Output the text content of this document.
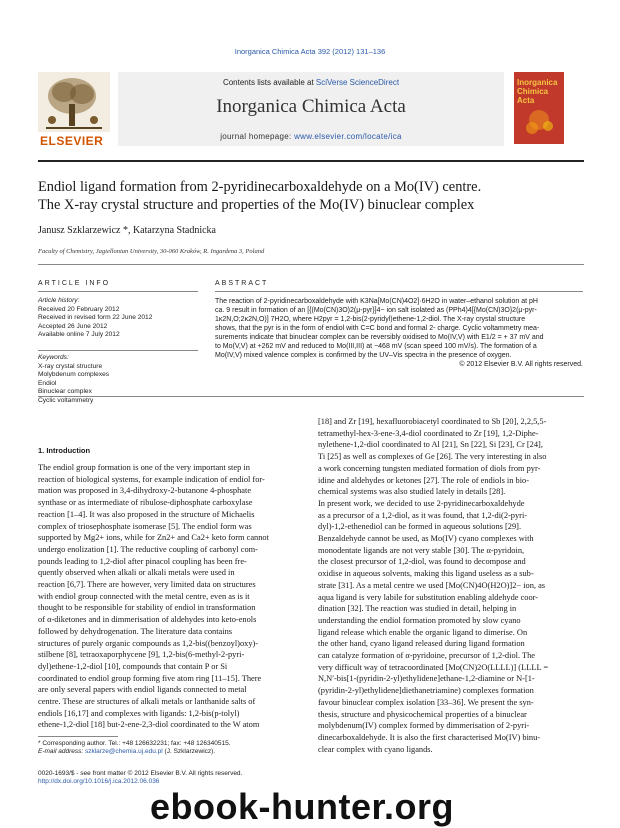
Inorganica Chimica Acta 392 (2012) 131–136
ELSEVIER
Contents lists available at SciVerse ScienceDirect
Inorganica Chimica Acta
journal homepage: www.elsevier.com/locate/ica
Inorganica Chimica Acta
Endiol ligand formation from 2-pyridinecarboxaldehyde on a Mo(IV) centre.
The X-ray crystal structure and properties of the Mo(IV) binuclear complex
Janusz Szklarzewicz *, Katarzyna Stadnicka
Faculty of Chemistry, Jagiellonian University, 30-060 Kraków, R. Ingardena 3, Poland
ARTICLE INFO
Article history:
Received 20 February 2012
Received in revised form 22 June 2012
Accepted 26 June 2012
Available online 7 July 2012
Keywords:
X-ray crystal structure
Molybdenum complexes
Endiol
Binuclear complex
Cyclic voltammetry
ABSTRACT
The reaction of 2-pyridinecarboxaldehyde with K3Na[Mo(CN)4O2]·6H2O in water–ethanol solution at pH
ca. 9 result in formation of an [{(Mo(CN)3O)2(μ-pyr}]4− ion salt isolated as (PPh4)4[{Mo(CN)3O}2(μ-pyr-
1κ2N,O;2κ2N,O)] 7H2O, where H2pyr = 1,2-bis(2-pyridyl)ethene-1,2-diol. The X-ray crystal structure
shows, that the pyr is in the form of endiol with C=C bond and formal 2- charge. Cyclic voltammetry mea-
surements indicate that binuclear complex can be reversibly oxidised to Mo(IV,V) with E1/2 = + 37 mV and
to Mo(V,V) at +262 mV and reduced to Mo(III,III) at −468 mV (scan speed 100 mV/s). The formation of a
Mo(IV,V) mixed valence complex is confirmed by the UV–Vis spectra in the presence of oxygen.
© 2012 Elsevier B.V. All rights reserved.
1. Introduction
The endiol group formation is one of the very important step in
reaction of biological systems, for example indication of endiol for-
mation was proposed in 3,4-dihydroxy-2-butanone 4-phosphate
synthase or as intermediate of ribulose-diphosphate carboxylase
reaction [1–4]. It was also proposed in the structure of Michaelis
complex of triosephosphate isomerase [5]. The endiol form was
supported by Mg2+ ions, while for Zn2+ and Ca2+ keto form cannot
undergo enolization [1]. The reductive coupling of carbonyl com-
pounds leading to 1,2-diol after pinacol coupling has been fre-
quently observed when alkali or alkali metals were used in
reaction [6,7]. There are however, very limited data on structures
with endiol group connected with the metal centre, even as is it
thought to be responsible for stability of endiol in transformation
of α-diketones and in dimmerisation of aldehydes into keto-enols
followed by dehydrogenation. The literature data contains
structures of purely organic compounds as 1,2-bis((benzoyl)oxy)-
stilbene [8], tetraoxaporphycene [9], 1,2-bis(6-methyl-2-pyri-
dyl)ethene-1,2-diol [10], compounds that contain P or Si
coordinated to endiol group forming five atom ring [11–15]. There
are only several papers with endiol ligands connected to metal
centre. These are structures of alkali metals or lanthanide salts of
endiols [16,17] and complexes with ligands: 1,2-bis(p-tolyl)
ethene-1,2-diol [18] but-2-ene-2,3-diol coordinated to the W atom
[18] and Zr [19], hexafluorobiacetyl coordinated to Sb [20], 2,2,5,5-
tetramethyl-hex-3-ene-3,4-diol coordinated to Zr [19], 1,2-Diphe-
nylethene-1,2-diol coordinated to Al [21], Sn [22], Si [23], Cr [24],
Ti [25] as well as complexes of Ge [26]. The very interesting in also
a work concerning tungsten mediated formation of diols from pyr-
idine and aldehydes or ketones [27]. The role of endiols in bio-
chemical systems was also studied lately in details [28].
In present work, we decided to use 2-pyridinecarboxaldehyde
as a precursor of a 1,2-diol, as it was found, that 1,2-di(2-pyri-
dyl)-1,2-ethenediol can be formed in aqueous solutions [29].
Benzaldehyde cannot be used, as Mo(IV) cyano complexes with
monodentate ligands are not very stable [30]. The α-pyridoin,
the closest precursor of 1,2-diol, was found to decompose and
oxidise in aqueous solvents, making this ligand useless as a sub-
strate [31]. As a metal centre we used [Mo(CN)4O(H2O)]2− ion, as
aqua ligand is very labile for substitution enabling aldehyde coor-
dination [32]. The reaction was studied in detail, helping in
understanding the endiol formation promoted by slow cyano
ligand release which enable the organic ligand to dimerise. On
the other hand, cyano ligand released during ligand formation
can catalyze formation of α-pyridoine, precursor of 1,2-diol. The
very difficult way of tetracoordinated [Mo(CN)2O(LLLL)] (LLLL =
N,N′-bis[1-(pyridin-2-yl)ethylidene]ethane-1,2-diamine or N-[1-
(pyridin-2-yl)ethylidene]diethanetriamine) complexes formation
favour binuclear complex isolation [33–36]. We present the syn-
thesis, structure and physicochemical properties of a binuclear
molybdenum(IV) complex formed by dimmerisation of 2-pyri-
dinecarboxaldehyde. It is also the first characterised Mo(IV) binu-
clear complex with cyano ligands.
* Corresponding author. Tel.: +48 126632231; fax: +48 126340515.
E-mail address: szklarze@chemia.uj.edu.pl (J. Szklarzewicz).
0020-1693/$ - see front matter © 2012 Elsevier B.V. All rights reserved.
http://dx.doi.org/10.1016/j.ica.2012.06.036
ebook-hunter.org
